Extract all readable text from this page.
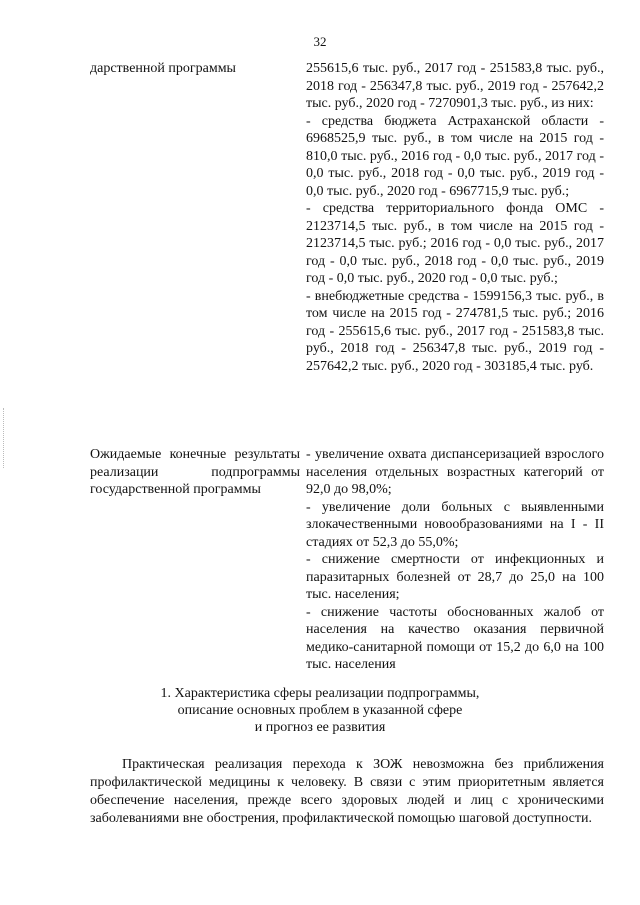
32
дарственной программы	255615,6 тыс. руб., 2017 год - 251583,8 тыс. руб., 2018 год - 256347,8 тыс. руб., 2019 год - 257642,2 тыс. руб., 2020 год - 7270901,3 тыс. руб., из них:

- средства бюджета Астраханской области - 6968525,9 тыс. руб., в том числе на 2015 год - 810,0 тыс. руб., 2016 год - 0,0 тыс. руб., 2017 год - 0,0 тыс. руб., 2018 год - 0,0 тыс. руб., 2019 год - 0,0 тыс. руб., 2020 год - 6967715,9 тыс. руб.;

- средства территориального фонда ОМС - 2123714,5 тыс. руб., в том числе на 2015 год - 2123714,5 тыс. руб.; 2016 год - 0,0 тыс. руб., 2017 год - 0,0 тыс. руб., 2018 год - 0,0 тыс. руб., 2019 год - 0,0 тыс. руб., 2020 год - 0,0 тыс. руб.;

- внебюджетные средства - 1599156,3 тыс. руб., в том числе на 2015 год - 274781,5 тыс. руб.; 2016 год - 255615,6 тыс. руб., 2017 год - 251583,8 тыс. руб., 2018 год - 256347,8 тыс. руб., 2019 год - 257642,2 тыс. руб., 2020 год - 303185,4 тыс. руб.

Ожидаемые конечные результаты реализации подпрограммы государственной программы

- увеличение охвата диспансеризацией взрослого населения отдельных возрастных категорий от 92,0 до 98,0%;

- увеличение доли больных с выявленными злокачественными новообразованиями на I - II стадиях от 52,3 до 55,0%;

- снижение смертности от инфекционных и паразитарных болезней от 28,7 до 25,0 на 100 тыс. населения;

- снижение частоты обоснованных жалоб от населения на качество оказания первичной медико-санитарной помощи от 15,2 до 6,0 на 100 тыс. населения

1. Характеристика сферы реализации подпрограммы,
описание основных проблем в указанной сфере
и прогноз ее развития

Практическая реализация перехода к ЗОЖ невозможна без приближения профилактической медицины к человеку. В связи с этим приоритетным является обеспечение населения, прежде всего здоровых людей и лиц с хроническими заболеваниями вне обострения, профилактической помощью шаговой доступности.
